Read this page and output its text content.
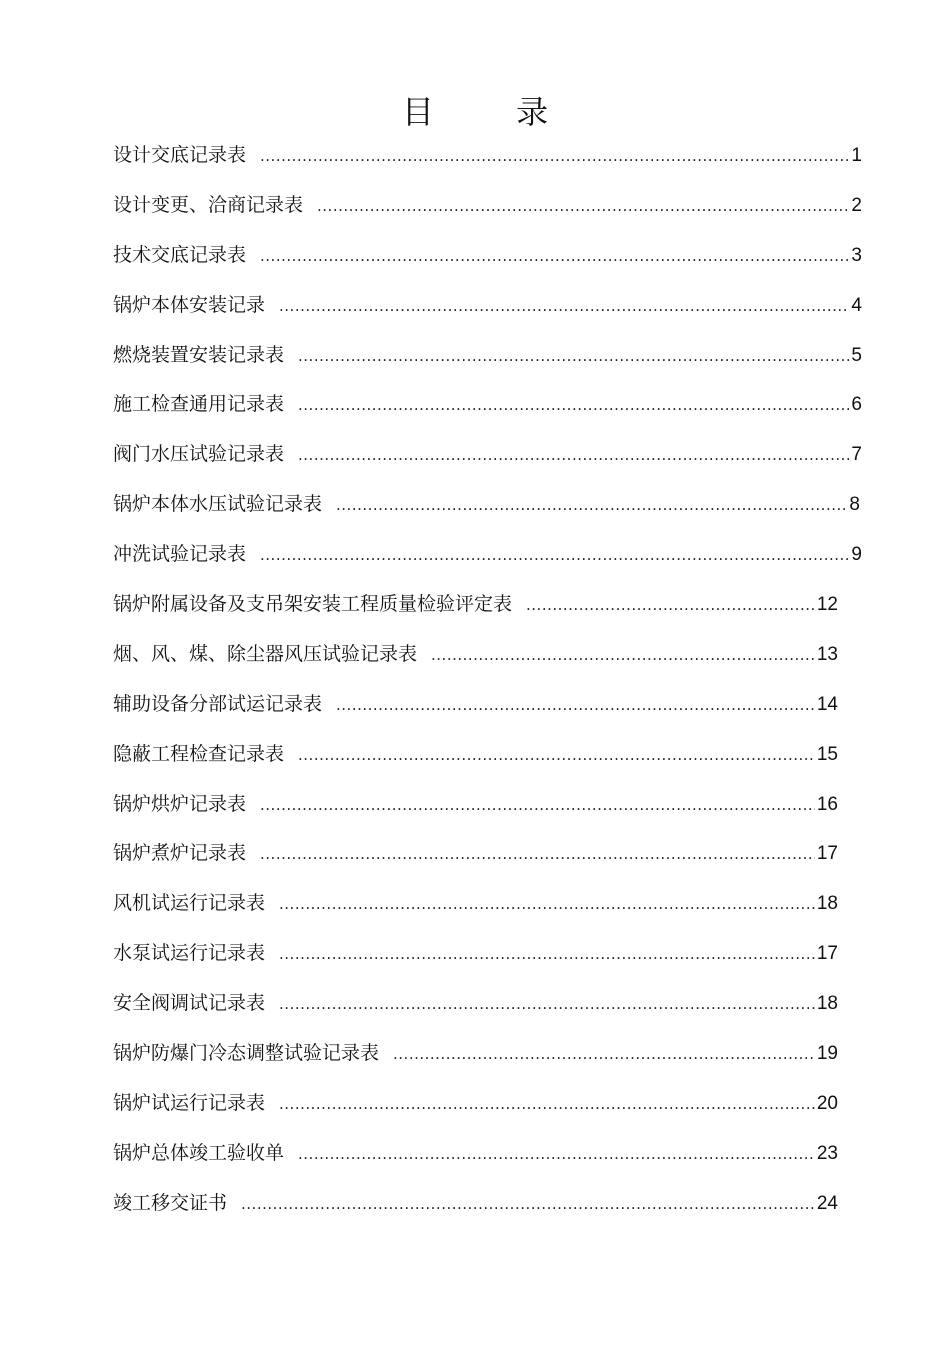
目 录
设计交底记录表 .....	1
设计变更、洽商记录表 .....	2
技术交底记录表 .....	3
锅炉本体安装记录 .....	4
燃烧装置安装记录表 .....	5
施工检查通用记录表 .....	6
阀门水压试验记录表 .....	7
锅炉本体水压试验记录表 .....	8
冲洗试验记录表 .....	9
锅炉附属设备及支吊架安装工程质量检验评定表 .....	12
烟、风、煤、除尘器风压试验记录表 .....	13
辅助设备分部试运记录表 .....	14
隐蔽工程检查记录表 .....	15
锅炉烘炉记录表 .....	16
锅炉煮炉记录表 .....	17
风机试运行记录表 .....	18
水泵试运行记录表 .....	17
安全阀调试记录表 .....	18
锅炉防爆门冷态调整试验记录表 .....	19
锅炉试运行记录表 .....	20
锅炉总体竣工验收单 .....	23
竣工移交证书 .....	24
